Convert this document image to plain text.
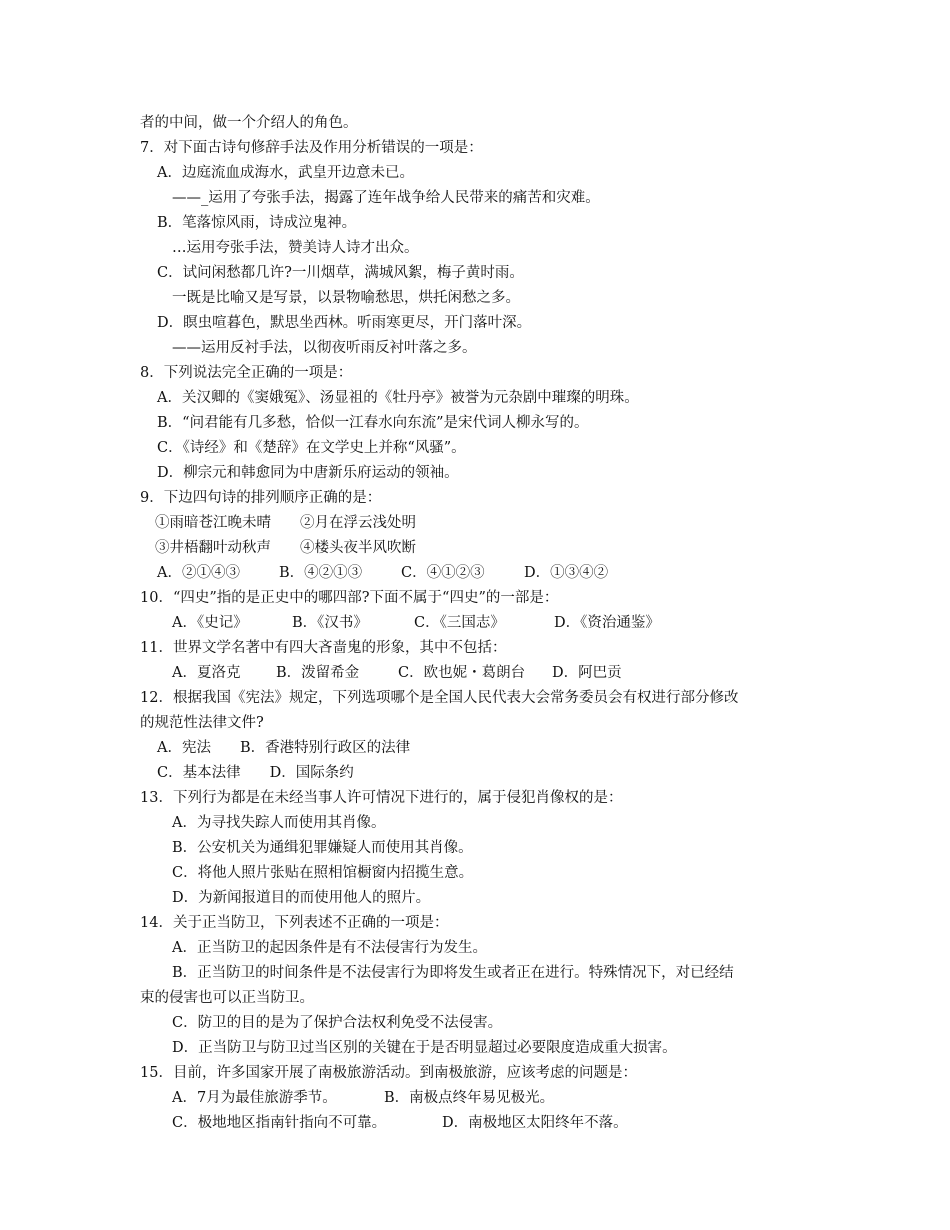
者的中间，做一个介绍人的角色。
7．对下面古诗句修辞手法及作用分析错误的一项是：
A．边庭流血成海水，武皇开边意未已。
——_运用了夸张手法，揭露了连年战争给人民带来的痛苦和灾难。
B．笔落惊风雨，诗成泣鬼神。
…运用夸张手法，赞美诗人诗才出众。
C．试问闲愁都几许?一川烟草，满城风絮，梅子黄时雨。
一既是比喻又是写景，以景物喻愁思，烘托闲愁之多。
D．瞑虫喧暮色，默思坐西林。听雨寒更尽，开门落叶深。
——运用反衬手法，以彻夜听雨反衬叶落之多。
8．下列说法完全正确的一项是：
A．关汉卿的《窦娥冤》、汤显祖的《牡丹亭》被誉为元杂剧中璀璨的明珠。
B．“问君能有几多愁，恰似一江春水向东流”是宋代词人柳永写的。
C．《诗经》和《楚辞》在文学史上并称“风骚”。
D．柳宗元和韩愈同为中唐新乐府运动的领袖。
9．下边四句诗的排列顺序正确的是：
①雨暗苍江晚未晴　　②月在浮云浅处明
③井梧翻叶动秋声　　④楼头夜半风吹断
A．②①④③	B．④②①③	C．④①②③	D．①③④②
10．“四史”指的是正史中的哪四部?下面不属于“四史”的一部是：
A．《史记》	B．《汉书》	C．《三国志》	D．《资治通鉴》
11．世界文学名著中有四大吝啬鬼的形象，其中不包括：
A．夏洛克 B．泼留希金	C．欧也妮・葛朗台 D．阿巴贡
12．根据我国《宪法》规定，下列选项哪个是全国人民代表大会常务委员会有权进行部分修改
的规范性法律文件?
A．宪法　　B．香港特别行政区的法律
C．基本法律　　D．国际条约
13．下列行为都是在未经当事人许可情况下进行的，属于侵犯肖像权的是：
A．为寻找失踪人而使用其肖像。
B．公安机关为通缉犯罪嫌疑人而使用其肖像。
C．将他人照片张贴在照相馆橱窗内招揽生意。
D．为新闻报道目的而使用他人的照片。
14．关于正当防卫，下列表述不正确的一项是：
A．正当防卫的起因条件是有不法侵害行为发生。
B．正当防卫的时间条件是不法侵害行为即将发生或者正在进行。特殊情况下，对已经结
束的侵害也可以正当防卫。
C．防卫的目的是为了保护合法权利免受不法侵害。
D．正当防卫与防卫过当区别的关键在于是否明显超过必要限度造成重大损害。
15．目前，许多国家开展了南极旅游活动。到南极旅游，应该考虑的问题是：
A．7月为最佳旅游季节。	B．南极点终年易见极光。
C．极地地区指南针指向不可靠。	D．南极地区太阳终年不落。
